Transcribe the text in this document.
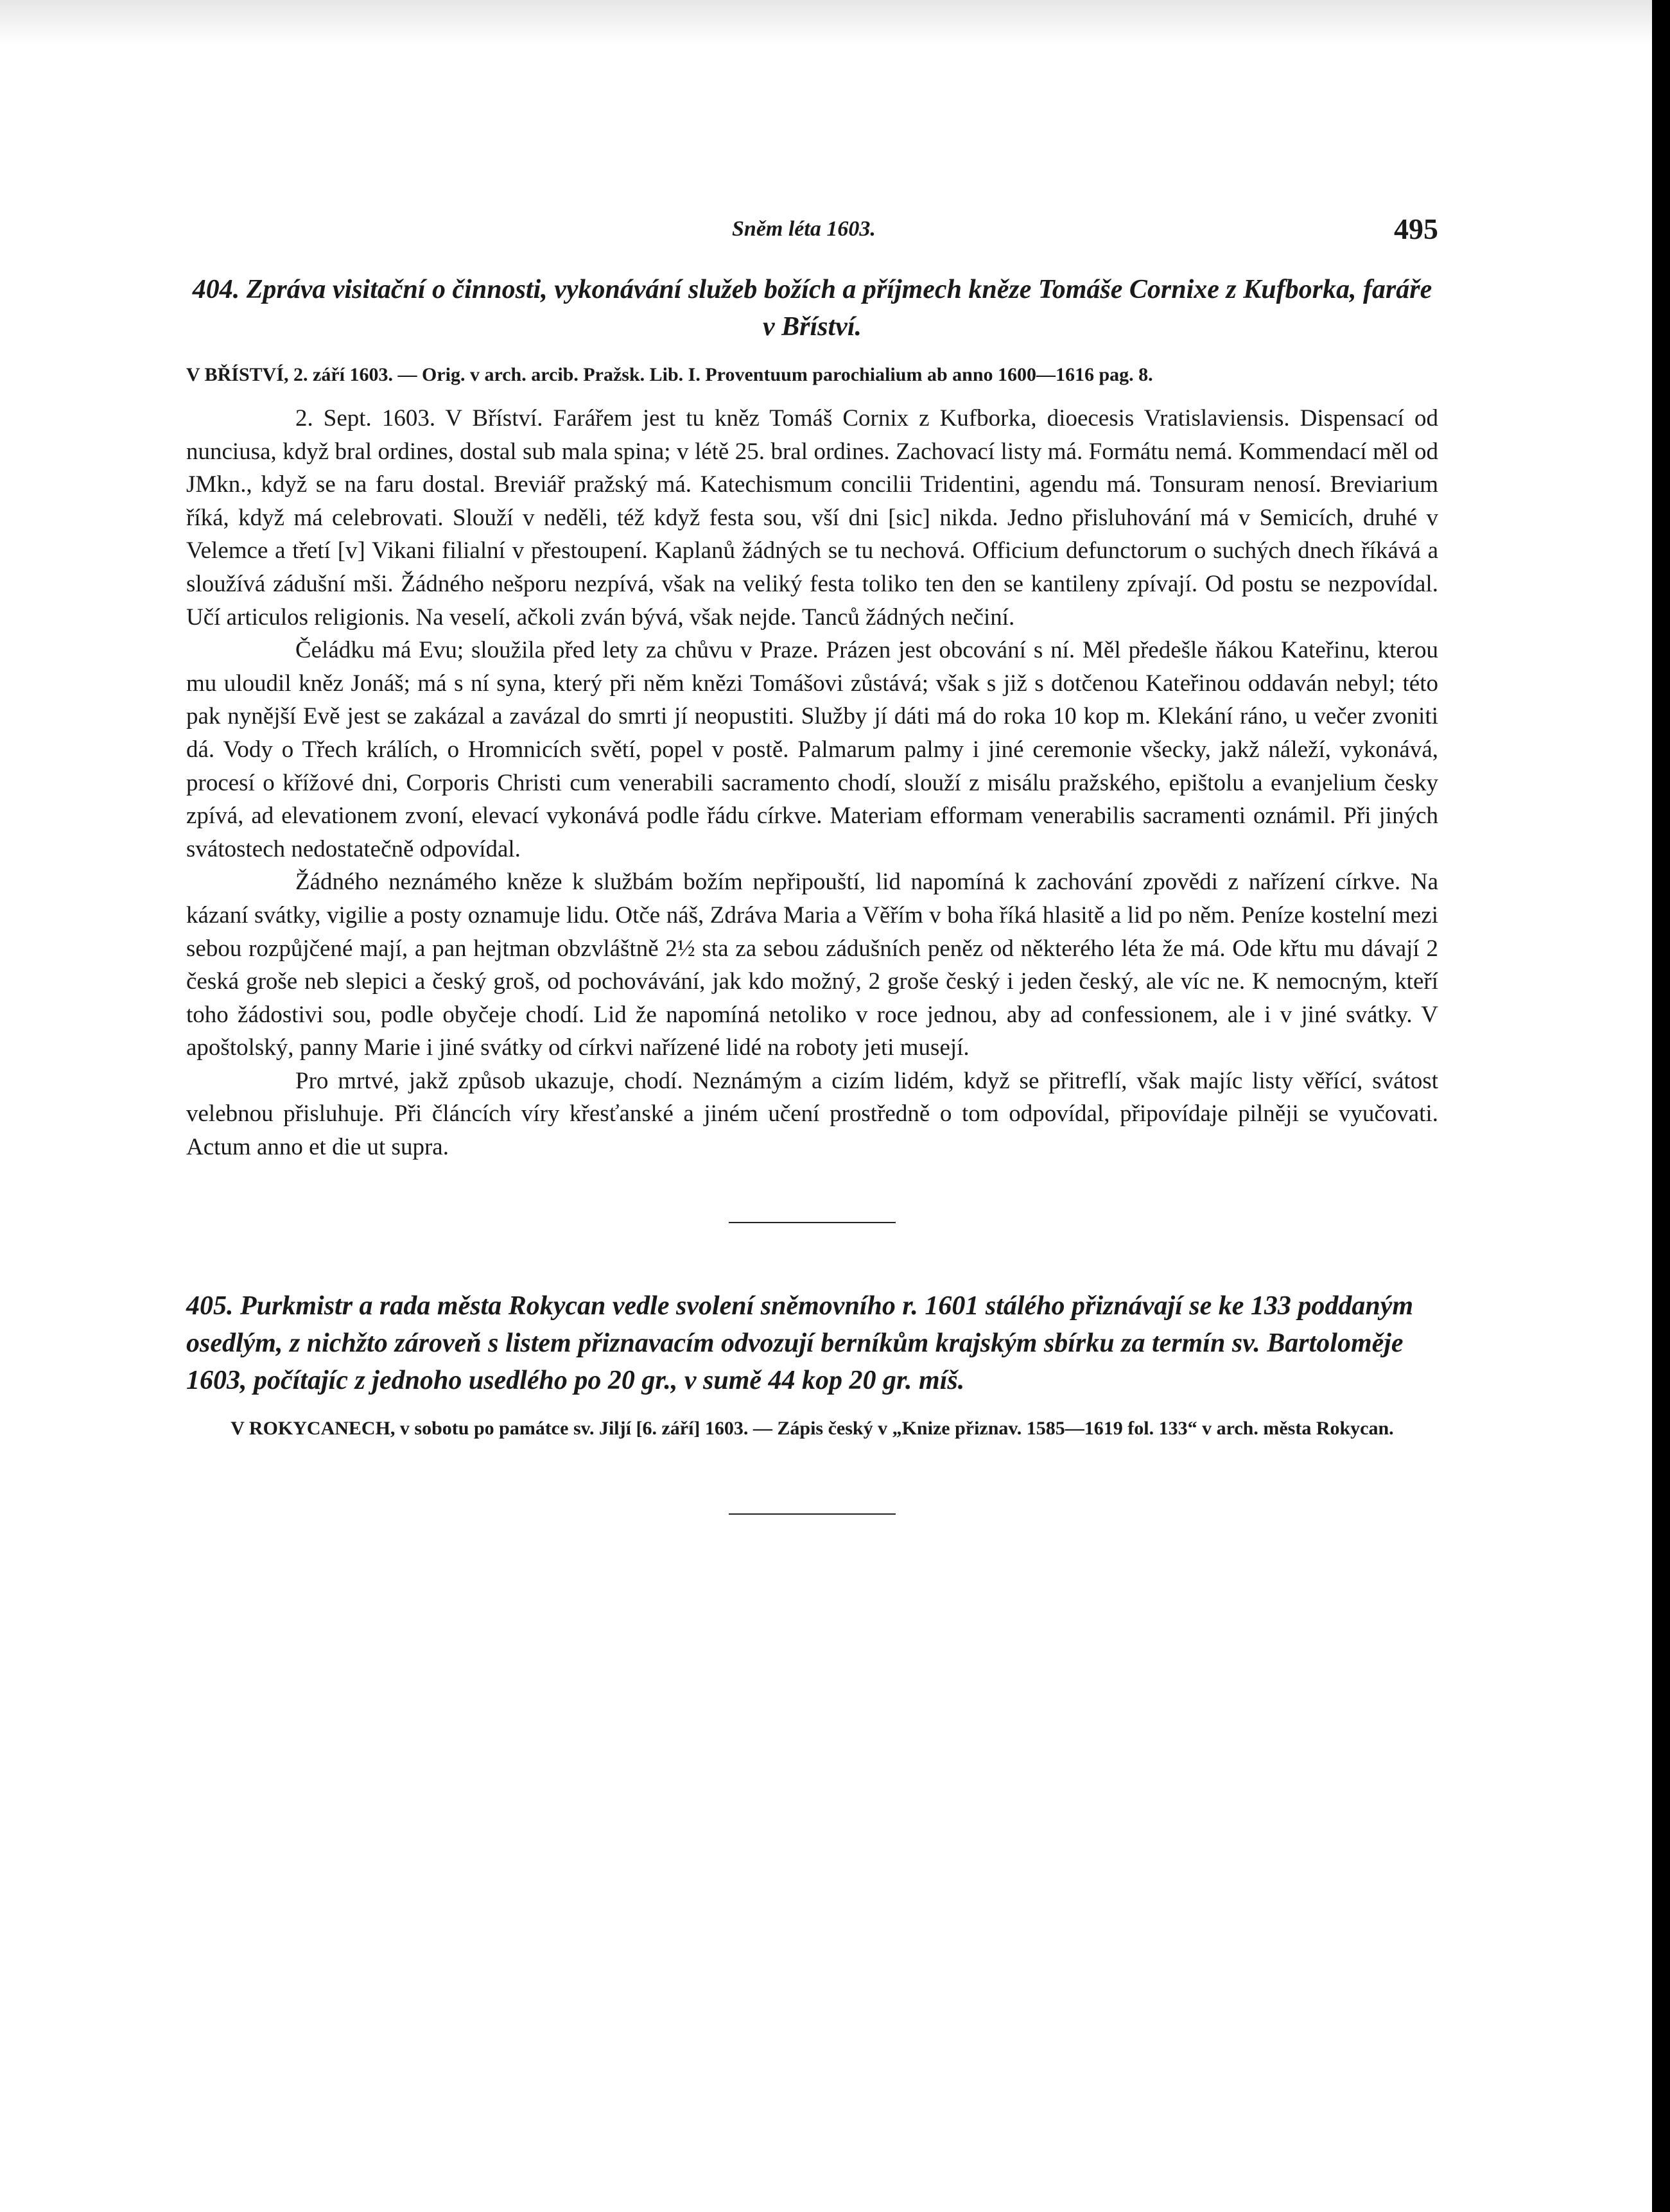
Sněm léta 1603.	495
404. Zpráva visitační o činnosti, vykonávání služeb božích a příjmech kněze Tomáše Cornixe z Kufborka, faráře v Bříství.
V BŘÍSTVÍ, 2. září 1603. — Orig. v arch. arcib. Pražsk. Lib. I. Proventuum parochialium ab anno 1600—1616 pag. 8.

2. Sept. 1603. V Bříství. Farářem jest tu kněz Tomáš Cornix z Kufborka, dioecesis Vratislaviensis. Dispensací od nunciusa, když bral ordines, dostal sub mala spina; v létě 25. bral ordines. Zachovací listy má. Formátu nemá. Kommendací měl od JMkn., když se na faru dostal. Breviář pražský má. Katechismum concilii Tridentini, agendu má. Tonsuram nenosí. Breviarium říká, když má celebrovati. Slouží v neděli, též když festa sou, vší dni [sic] nikda. Jedno přisluhování má v Semicích, druhé v Velemce a třetí [v] Vikani filialní v přestoupení. Kaplanů žádných se tu nechová. Officium defunctorum o suchých dnech říkává a sloužívá zádušní mši. Žádného nešporu nezpívá, však na veliký festa toliko ten den se kantileny zpívají. Od postu se nezpovídal. Učí articulos religionis. Na veselí, ačkoli zván bývá, však nejde. Tanců žádných nečiní.

Čeládku má Evu; sloužila před lety za chůvu v Praze. Prázen jest obcování s ní. Měl předešle ňákou Kateřinu, kterou mu uloudil kněz Jonáš; má s ní syna, který při něm knězi Tomášovi zůstává; však s již s dotčenou Kateřinou oddaván nebyl; této pak nynější Evě jest se zakázal a zavázal do smrti jí neopustiti. Služby jí dáti má do roka 10 kop m. Klekání ráno, u večer zvoniti dá. Vody o Třech králích, o Hromnicích světí, popel v postě. Palmarum palmy i jiné ceremonie všecky, jakž náleží, vykonává, procesí o křížové dni, Corporis Christi cum venerabili sacramento chodí, slouží z misálu pražského, epištolu a evanjelium česky zpívá, ad elevationem zvoní, elevací vykonává podle řádu církve. Materiam efformam venerabilis sacramenti oznámil. Při jiných svátostech nedostatečně odpovídal.

Žádného neznámého kněze k službám božím nepřipouští, lid napomíná k zachování zpovědi z nařízení církve. Na kázaní svátky, vigilie a posty oznamuje lidu. Otče náš, Zdráva Maria a Věřím v boha říká hlasitě a lid po něm. Peníze kostelní mezi sebou rozpůjčené mají, a pan hejtman obzvláštně 2½ sta za sebou zádušních peněz od některého léta že má. Ode křtu mu dávají 2 česká groše neb slepici a český groš, od pochovávání, jak kdo možný, 2 groše český i jeden český, ale víc ne. K nemocným, kteří toho žádostivi sou, podle obyčeje chodí. Lid že napomíná netoliko v roce jednou, aby ad confessionem, ale i v jiné svátky. V apoštolský, panny Marie i jiné svátky od církvi nařízené lidé na roboty jeti musejí.

Pro mrtvé, jakž způsob ukazuje, chodí. Neznámým a cizím lidém, když se přitreflí, však majíc listy věřící, svátost velebnou přisluhuje. Při článcích víry křesťanské a jiném učení prostředně o tom odpovídal, připovídaje pilněji se vyučovati. Actum anno et die ut supra.

405. Purkmistr a rada města Rokycan vedle svolení sněmovního r. 1601 stálého přiznávají se ke 133 poddaným osedlým, z nichžto zároveň s listem přiznavacím odvozují berníkům krajským sbírku za termín sv. Bartoloměje 1603, počítajíc z jednoho usedlého po 20 gr., v sumě 44 kop 20 gr. míš.
V ROKYCANECH, v sobotu po památce sv. Jiljí [6. září] 1603. — Zápis český v „Knize přiznav. 1585—1619 fol. 133“ v arch. města Rokycan.
